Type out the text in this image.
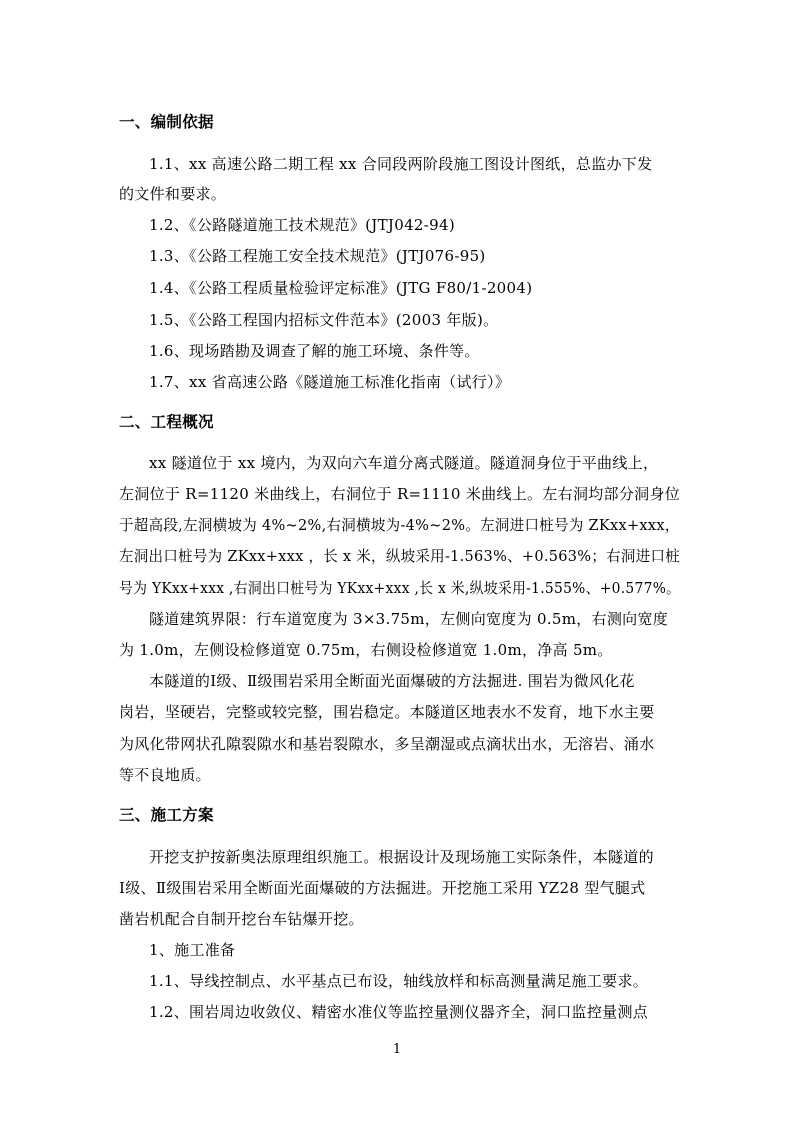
一、编制依据
1.1、xx 高速公路二期工程 xx 合同段两阶段施工图设计图纸，总监办下发
的文件和要求。
1.2、《公路隧道施工技术规范》(JTJ042-94)
1.3、《公路工程施工安全技术规范》(JTJ076-95)
1.4、《公路工程质量检验评定标准》(JTG F80/1-2004)
1.5、《公路工程国内招标文件范本》(2003 年版)。
1.6、现场踏勘及调查了解的施工环境、条件等。
1.7、xx 省高速公路《隧道施工标准化指南（试行）》
二、工程概况
xx 隧道位于 xx 境内，为双向六车道分离式隧道。隧道洞身位于平曲线上，
左洞位于 R=1120 米曲线上，右洞位于 R=1110 米曲线上。左右洞均部分洞身位
于超高段,左洞横坡为 4%~2%,右洞横坡为-4%~2%。左洞进口桩号为 ZKxx+xxx，
左洞出口桩号为 ZKxx+xxx ，长 x 米，纵坡采用-1.563%、+0.563%；右洞进口桩
号为 YKxx+xxx ,右洞出口桩号为 YKxx+xxx ,长 x 米,纵坡采用-1.555%、+0.577%。
隧道建筑界限：行车道宽度为 3×3.75m，左侧向宽度为 0.5m，右测向宽度
为 1.0m，左侧设检修道宽 0.75m，右侧设检修道宽 1.0m，净高 5m。
本隧道的Ⅰ级、Ⅱ级围岩采用全断面光面爆破的方法掘进. 围岩为微风化花
岗岩，坚硬岩，完整或较完整，围岩稳定。本隧道区地表水不发育，地下水主要
为风化带网状孔隙裂隙水和基岩裂隙水，多呈潮湿或点滴状出水，无溶岩、涌水
等不良地质。
三、施工方案
开挖支护按新奥法原理组织施工。根据设计及现场施工实际条件，本隧道的
Ⅰ级、Ⅱ级围岩采用全断面光面爆破的方法掘进。开挖施工采用 YZ28 型气腿式
凿岩机配合自制开挖台车钻爆开挖。
1、施工准备
1.1、导线控制点、水平基点已布设，轴线放样和标高测量满足施工要求。
1.2、围岩周边收敛仪、精密水准仪等监控量测仪器齐全，洞口监控量测点
1
